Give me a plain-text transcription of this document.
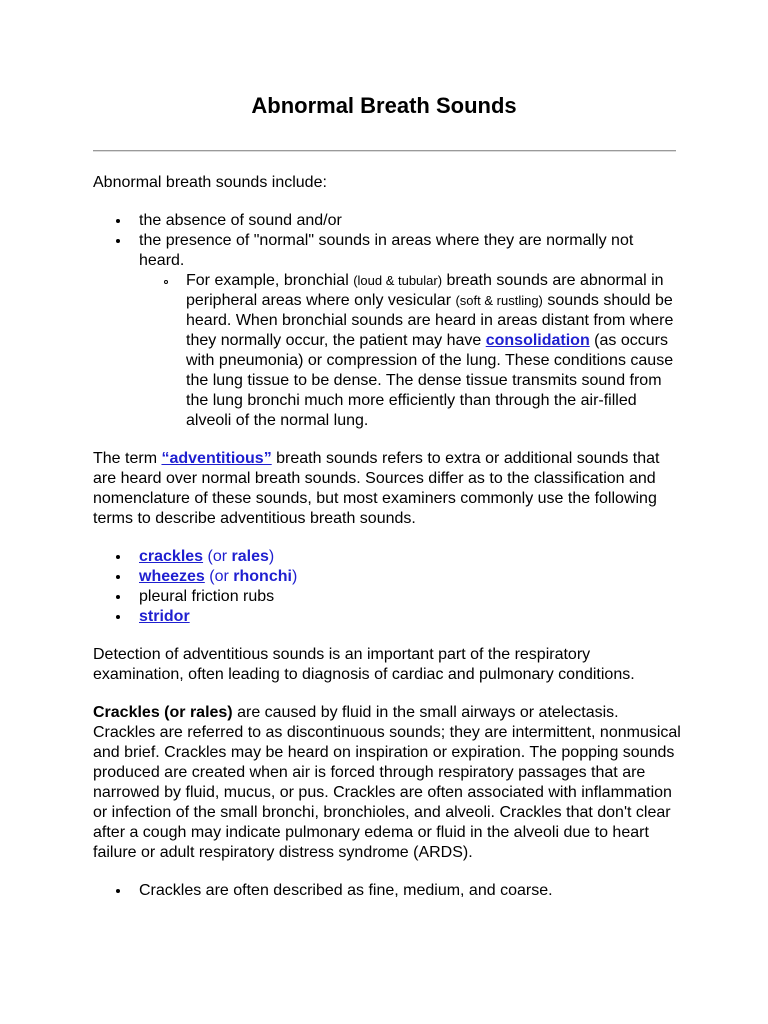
Abnormal Breath Sounds

Abnormal breath sounds include:

the absence of sound and/or
the presence of "normal" sounds in areas where they are normally not heard.
For example, bronchial (loud & tubular) breath sounds are abnormal in peripheral areas where only vesicular (soft & rustling) sounds should be heard. When bronchial sounds are heard in areas distant from where they normally occur, the patient may have consolidation (as occurs with pneumonia) or compression of the lung. These conditions cause the lung tissue to be dense. The dense tissue transmits sound from the lung bronchi much more efficiently than through the air-filled alveoli of the normal lung.

The term “adventitious” breath sounds refers to extra or additional sounds that are heard over normal breath sounds. Sources differ as to the classification and nomenclature of these sounds, but most examiners commonly use the following terms to describe adventitious breath sounds.

crackles (or rales)
wheezes (or rhonchi)
pleural friction rubs
stridor

Detection of adventitious sounds is an important part of the respiratory examination, often leading to diagnosis of cardiac and pulmonary conditions.

Crackles (or rales) are caused by fluid in the small airways or atelectasis. Crackles are referred to as discontinuous sounds; they are intermittent, nonmusical and brief. Crackles may be heard on inspiration or expiration. The popping sounds produced are created when air is forced through respiratory passages that are narrowed by fluid, mucus, or pus. Crackles are often associated with inflammation or infection of the small bronchi, bronchioles, and alveoli. Crackles that don't clear after a cough may indicate pulmonary edema or fluid in the alveoli due to heart failure or adult respiratory distress syndrome (ARDS).

Crackles are often described as fine, medium, and coarse.
